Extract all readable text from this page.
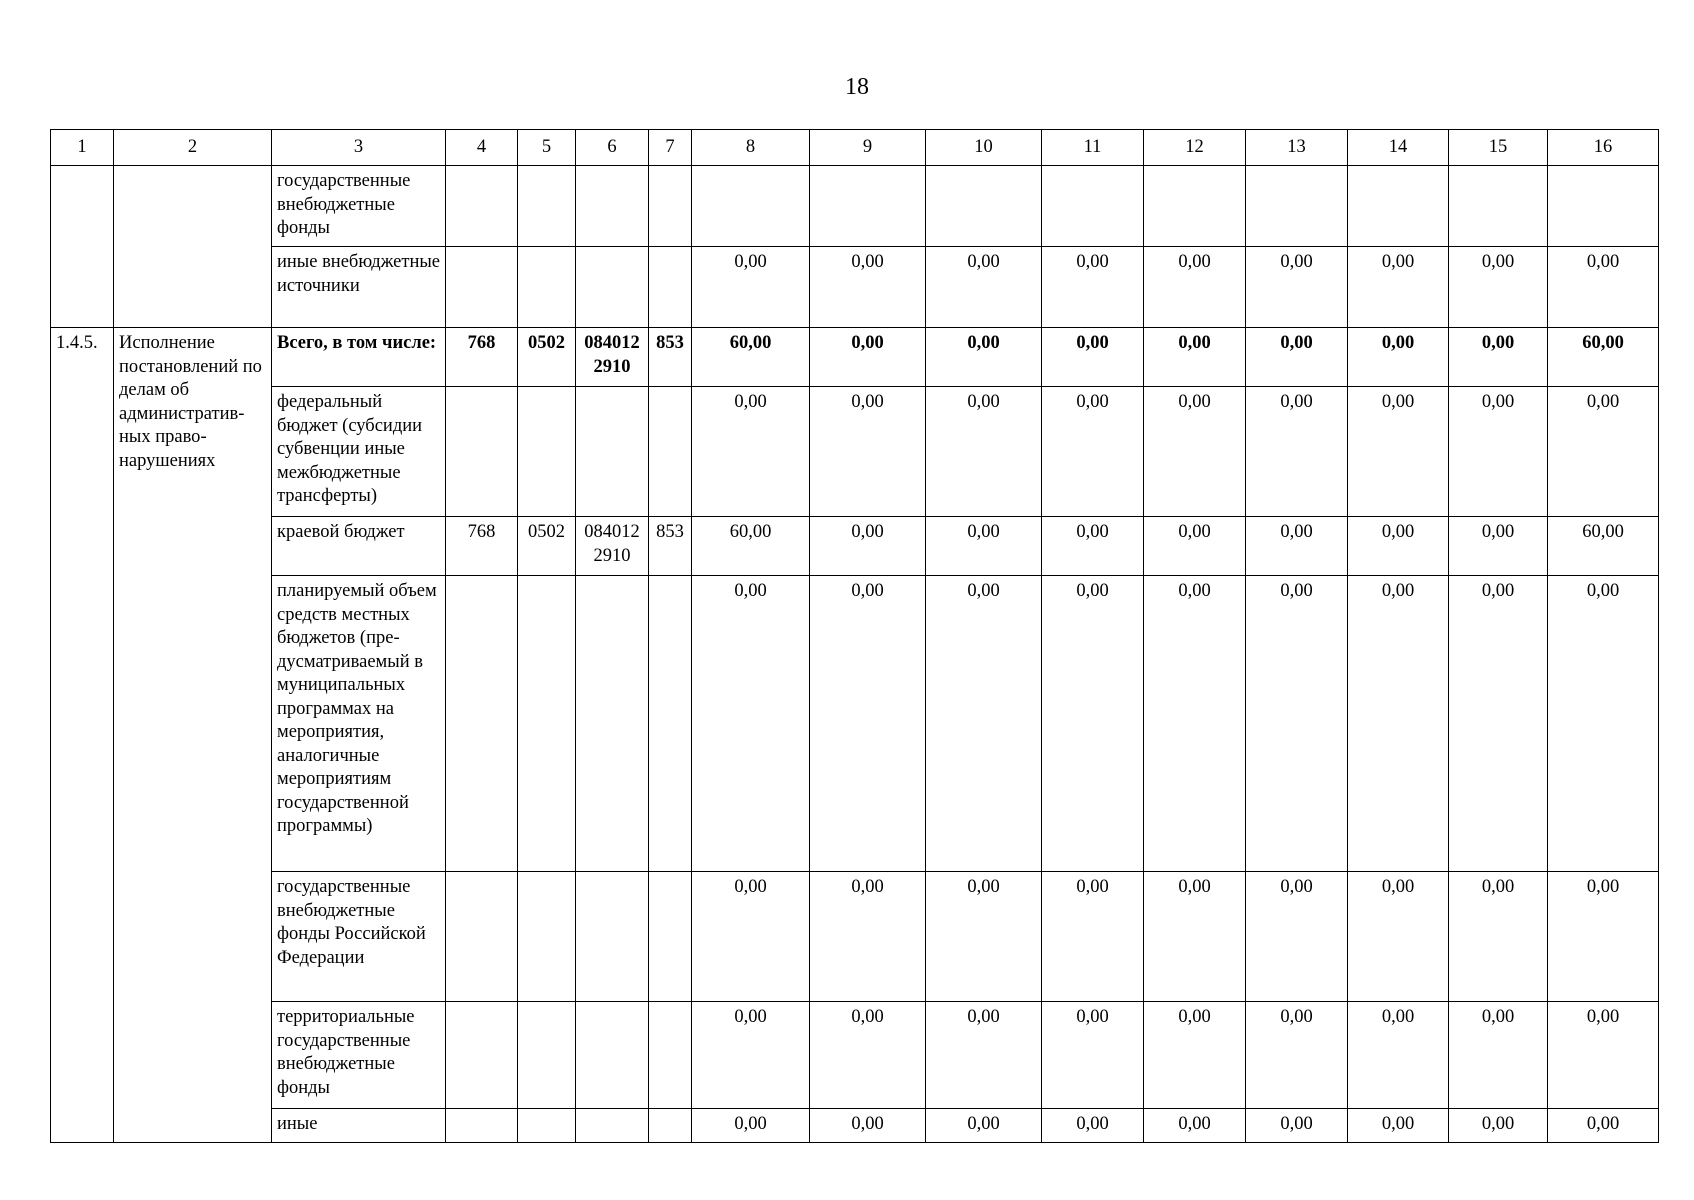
18
1	2	3	4	5	6	7	8	9	10	11	12	13	14	15	16
		государственные внебюджетные фонды													
		иные внебюджетные источники					0,00	0,00	0,00	0,00	0,00	0,00	0,00	0,00	0,00
1.4.5.	Исполнение постановлений по делам об административных правонарушениях	Всего, в том числе:	768	0502	0840122910	853	60,00	0,00	0,00	0,00	0,00	0,00	0,00	0,00	60,00
		федеральный бюджет (субсидии субвенции иные межбюджетные трансферты)					0,00	0,00	0,00	0,00	0,00	0,00	0,00	0,00	0,00
		краевой бюджет	768	0502	0840122910	853	60,00	0,00	0,00	0,00	0,00	0,00	0,00	0,00	60,00
		планируемый объем средств местных бюджетов (предусматриваемый в муниципальных программах на мероприятия, аналогичные мероприятиям государственной программы)					0,00	0,00	0,00	0,00	0,00	0,00	0,00	0,00	0,00
		государственные внебюджетные фонды Российской Федерации					0,00	0,00	0,00	0,00	0,00	0,00	0,00	0,00	0,00
		территориальные государственные внебюджетные фонды					0,00	0,00	0,00	0,00	0,00	0,00	0,00	0,00	0,00
		иные					0,00	0,00	0,00	0,00	0,00	0,00	0,00	0,00	0,00
